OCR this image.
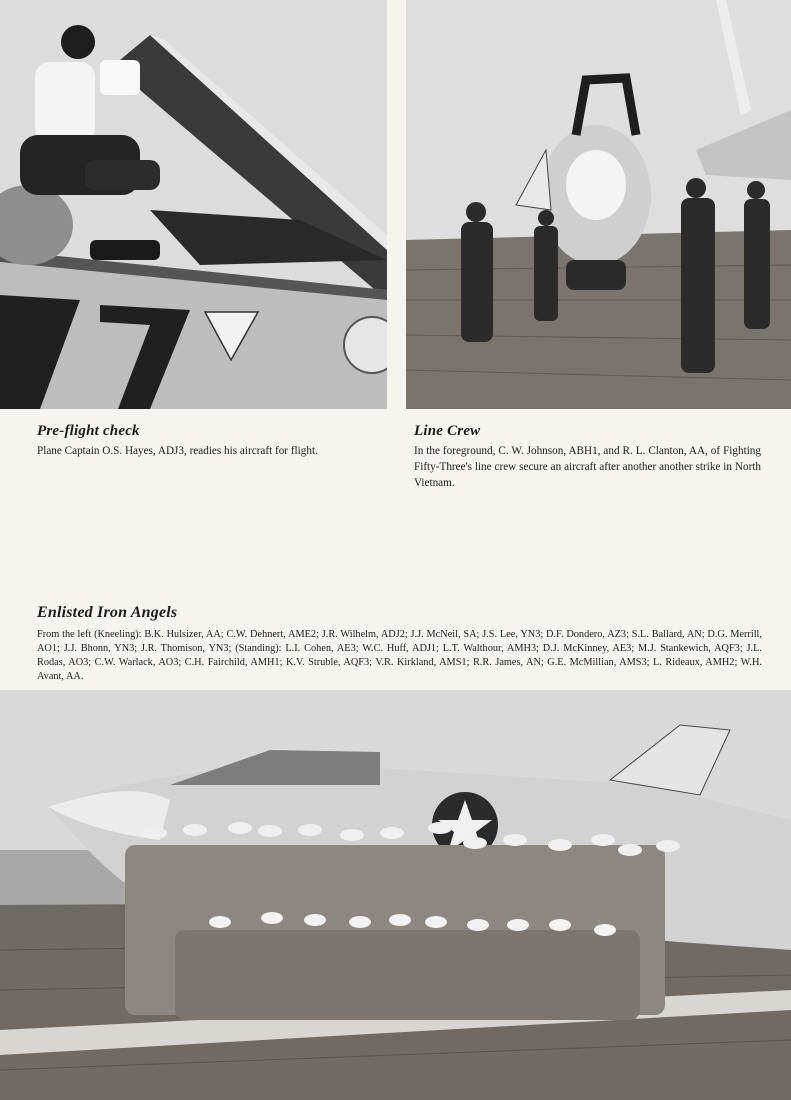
Pre-flight check

Plane Captain O.S. Hayes, ADJ3, readies his aircraft for flight.

Line Crew

In the foreground, C. W. Johnson, ABH1, and R. L. Clanton, AA, of Fighting Fifty-Three's line crew secure an aircraft after another another strike in North Vietnam.

Enlisted Iron Angels

From the left (Kneeling): B.K. Hulsizer, AA; C.W. Dehnert, AME2; J.R. Wilhelm, ADJ2; J.J. McNeil, SA; J.S. Lee, YN3; D.F. Dondero, AZ3; S.L. Ballard, AN; D.G. Merrill, AO1; J.J. Bhonn, YN3; J.R. Thomison, YN3; (Standing): L.I. Cohen, AE3; W.C. Huff, ADJ1; L.T. Walthour, AMH3; D.J. McKinney, AE3; M.J. Stankewich, AQF3; J.L. Rodas, AO3; C.W. Warlack, AO3; C.H. Fairchild, AMH1; K.V. Struble, AQF3; V.R. Kirkland, AMS1; R.R. James, AN; G.E. McMillian, AMS3; L. Rideaux, AMH2; W.H. Avant, AA.
